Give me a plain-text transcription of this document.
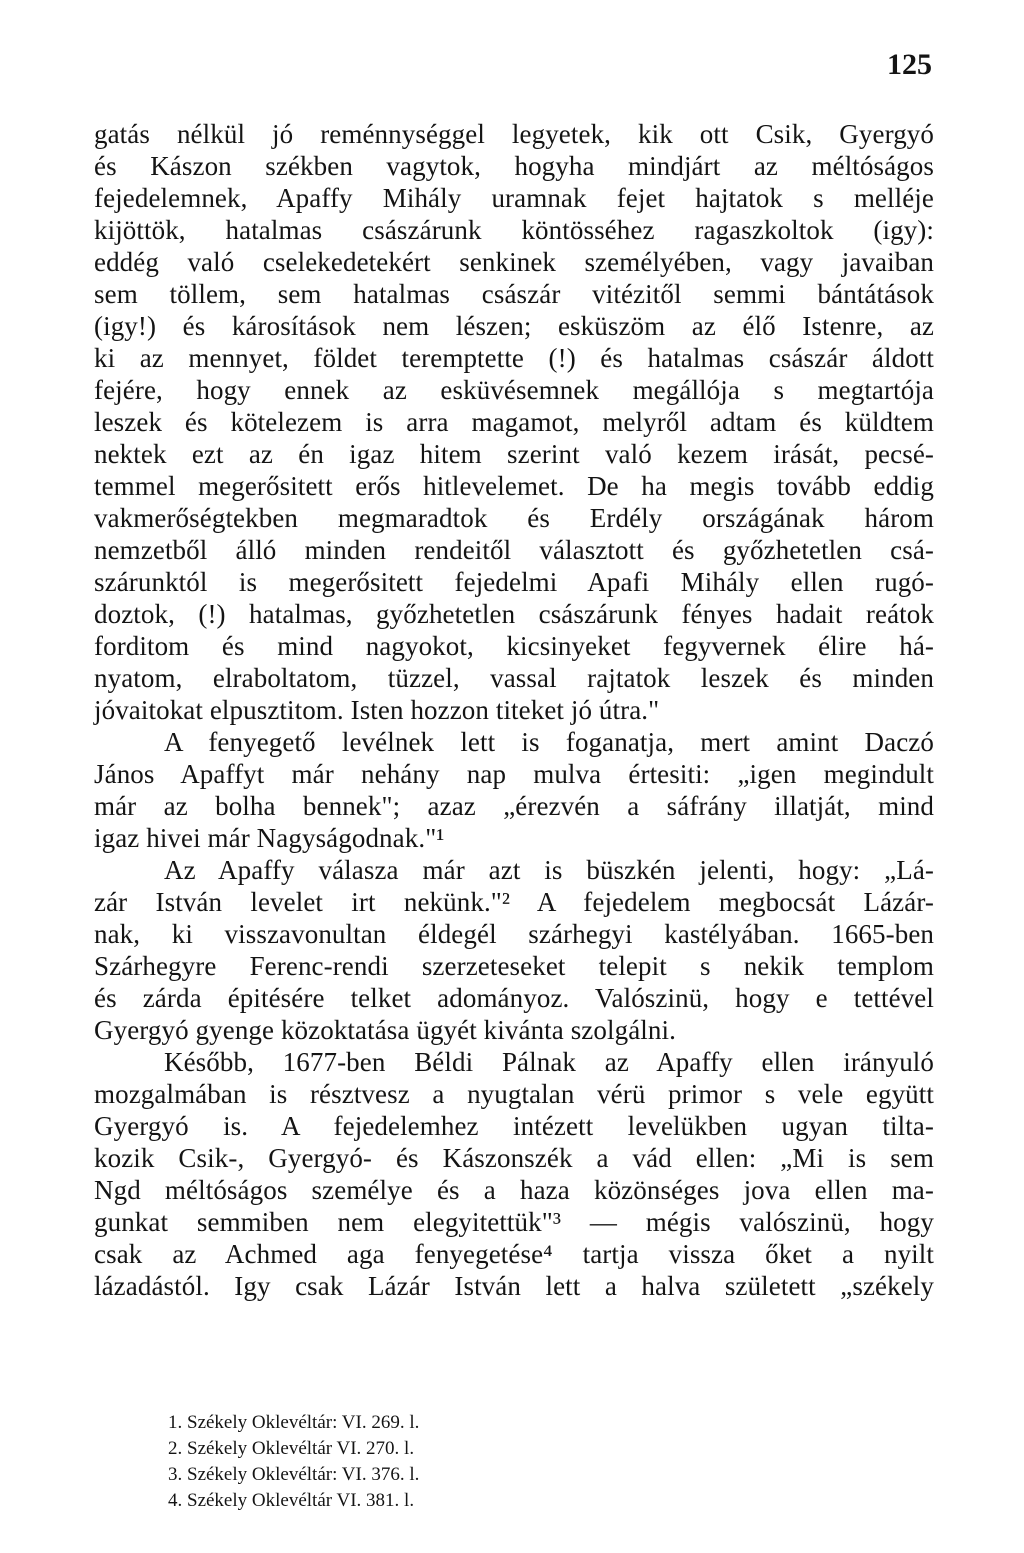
125
gatás nélkül jó reménnységgel legyetek, kik ott Csik, Gyergyó
és Kászon székben vagytok, hogyha mindjárt az méltóságos
fejedelemnek, Apaffy Mihály uramnak fejet hajtatok s melléje
kijöttök, hatalmas császárunk köntösséhez ragaszkoltok (igy):
eddég való cselekedetekért senkinek személyében, vagy javaiban
sem töllem, sem hatalmas császár vitézitől semmi bántátások
(igy!) és károsítások nem lészen; esküszöm az élő Istenre, az
ki az mennyet, földet teremptette (!) és hatalmas császár áldott
fejére, hogy ennek az esküvésemnek megállója s megtartója
leszek és kötelezem is arra magamot, melyről adtam és küldtem
nektek ezt az én igaz hitem szerint való kezem irását, pecsé-
temmel megerősitett erős hitlevelemet. De ha megis tovább eddig
vakmerőségtekben megmaradtok és Erdély országának három
nemzetből álló minden rendeitől választott és győzhetetlen csá-
szárunktól is megerősitett fejedelmi Apafi Mihály ellen rugó-
doztok, (!) hatalmas, győzhetetlen császárunk fényes hadait reátok
forditom és mind nagyokot, kicsinyeket fegyvernek élire há-
nyatom, elraboltatom, tüzzel, vassal rajtatok leszek és minden
jóvaitokat elpusztitom. Isten hozzon titeket jó útra."
A fenyegető levélnek lett is foganatja, mert amint Daczó
János Apaffyt már nehány nap mulva értesiti: „igen megindult
már az bolha bennek"; azaz „érezvén a sáfrány illatját, mind
igaz hivei már Nagyságodnak."¹
Az Apaffy válasza már azt is büszkén jelenti, hogy: „Lá-
zár István levelet irt nekünk."² A fejedelem megbocsát Lázár-
nak, ki visszavonultan éldegél szárhegyi kastélyában. 1665-ben
Szárhegyre Ferenc-rendi szerzeteseket telepit s nekik templom
és zárda épitésére telket adományoz. Valószinü, hogy e tettével
Gyergyó gyenge közoktatása ügyét kivánta szolgálni.
Később, 1677-ben Béldi Pálnak az Apaffy ellen irányuló
mozgalmában is résztvesz a nyugtalan vérü primor s vele együtt
Gyergyó is. A fejedelemhez intézett levelükben ugyan tilta-
kozik Csik-, Gyergyó- és Kászonszék a vád ellen: „Mi is sem
Ngd méltóságos személye és a haza közönséges jova ellen ma-
gunkat semmiben nem elegyitettük"³ — mégis valószinü, hogy
csak az Achmed aga fenyegetése⁴ tartja vissza őket a nyilt
lázadástól. Igy csak Lázár István lett a halva született „székely
1. Székely Oklevéltár: VI. 269. l.
2. Székely Oklevéltár VI. 270. l.
3. Székely Oklevéltár: VI. 376. l.
4. Székely Oklevéltár VI. 381. l.
